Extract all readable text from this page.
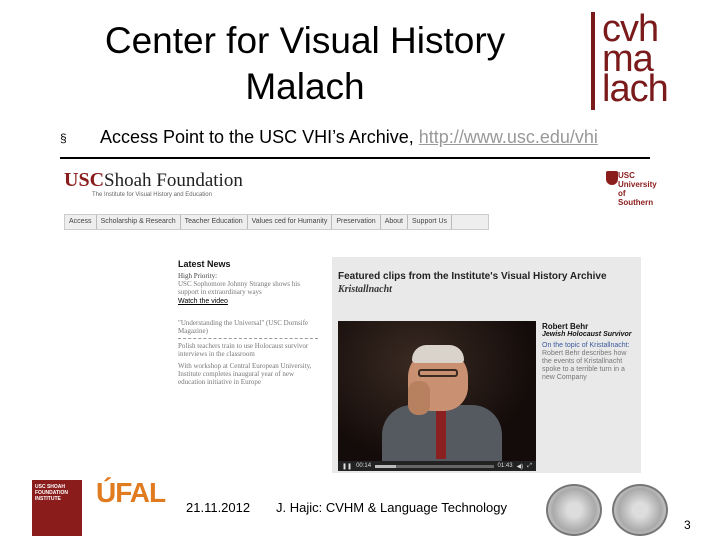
Center for Visual History
Malach
cvh
ma
lach
§ Access Point to the USC VHI’s Archive, http://www.usc.edu/vhi
USCShoah Foundation
The Institute for Visual History and Education
USC University of Southern
Access	Scholarship & Research	Teacher Education	Values ced for Humanity	Preservation	About	Support Us
Latest News
High Priority:
USC Sophomore Johnny Strange shows his support in extraordinary ways
Watch the video
"Understanding the Universal" (USC Dornsife Magazine)
Polish teachers train to use Holocaust survivor interviews in the classroom
With workshop at Central European University, Institute completes inaugural year of new education initiative in Europe
Featured clips from the Institute's Visual History Archive
Kristallnacht
❚❚ 00:14	01:43 ◀) ⤢
Robert Behr
Jewish Holocaust Survivor
On the topic of Kristallnacht:
Robert Behr describes how the events of Kristallnacht spoke to a terrible turn in a new Company
USC SHOAH FOUNDATION INSTITUTE	ÚFAL 21.11.2012 J. Hajic: CVHM & Language Technology
3
